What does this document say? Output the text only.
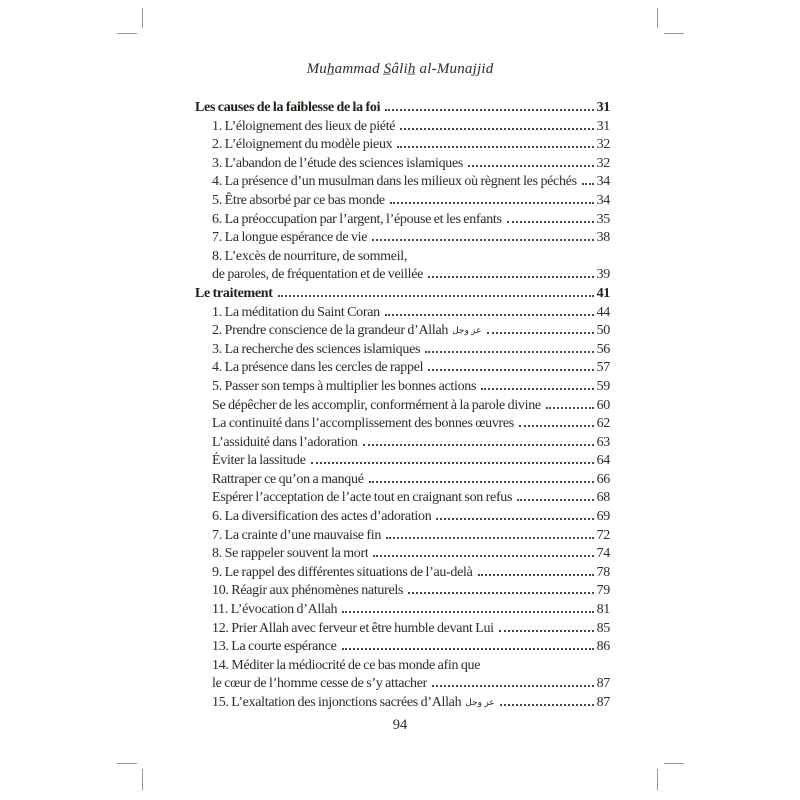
Muh̲ammad S̲âlih̲ al-Munajjid
Les causes de la faiblesse de la foi	31
1. L’éloignement des lieux de piété	31
2. L’éloignement du modèle pieux	32
3. L’abandon de l’étude des sciences islamiques	32
4. La présence d’un musulman dans les milieux où règnent les péchés 34
5. Être absorbé par ce bas monde	34
6. La préoccupation par l’argent, l’épouse et les enfants	35
7. La longue espérance de vie	38
8. L’excès de nourriture, de sommeil,
de paroles, de fréquentation et de veillée	39
Le traitement	41
1. La méditation du Saint Coran	44
2. Prendre conscience de la grandeur d’Allah عز وجل	50
3. La recherche des sciences islamiques	56
4. La présence dans les cercles de rappel	57
5. Passer son temps à multiplier les bonnes actions	59
Se dépêcher de les accomplir, conformément à la parole divine	60
La continuité dans l’accomplissement des bonnes œuvres	62
L’assiduité dans l’adoration	63
Éviter la lassitude	64
Rattraper ce qu’on a manqué	66
Espérer l’acceptation de l’acte tout en craignant son refus	68
6. La diversification des actes d’adoration	69
7. La crainte d’une mauvaise fin	72
8. Se rappeler souvent la mort	74
9. Le rappel des différentes situations de l’au-delà	78
10. Réagir aux phénomènes naturels	79
11. L’évocation d’Allah	81
12. Prier Allah avec ferveur et être humble devant Lui	85
13. La courte espérance	86
14. Méditer la médiocrité de ce bas monde afin que
le cœur de l’homme cesse de s’y attacher	87
15. L’exaltation des injonctions sacrées d’Allah عز وجل	87
94
